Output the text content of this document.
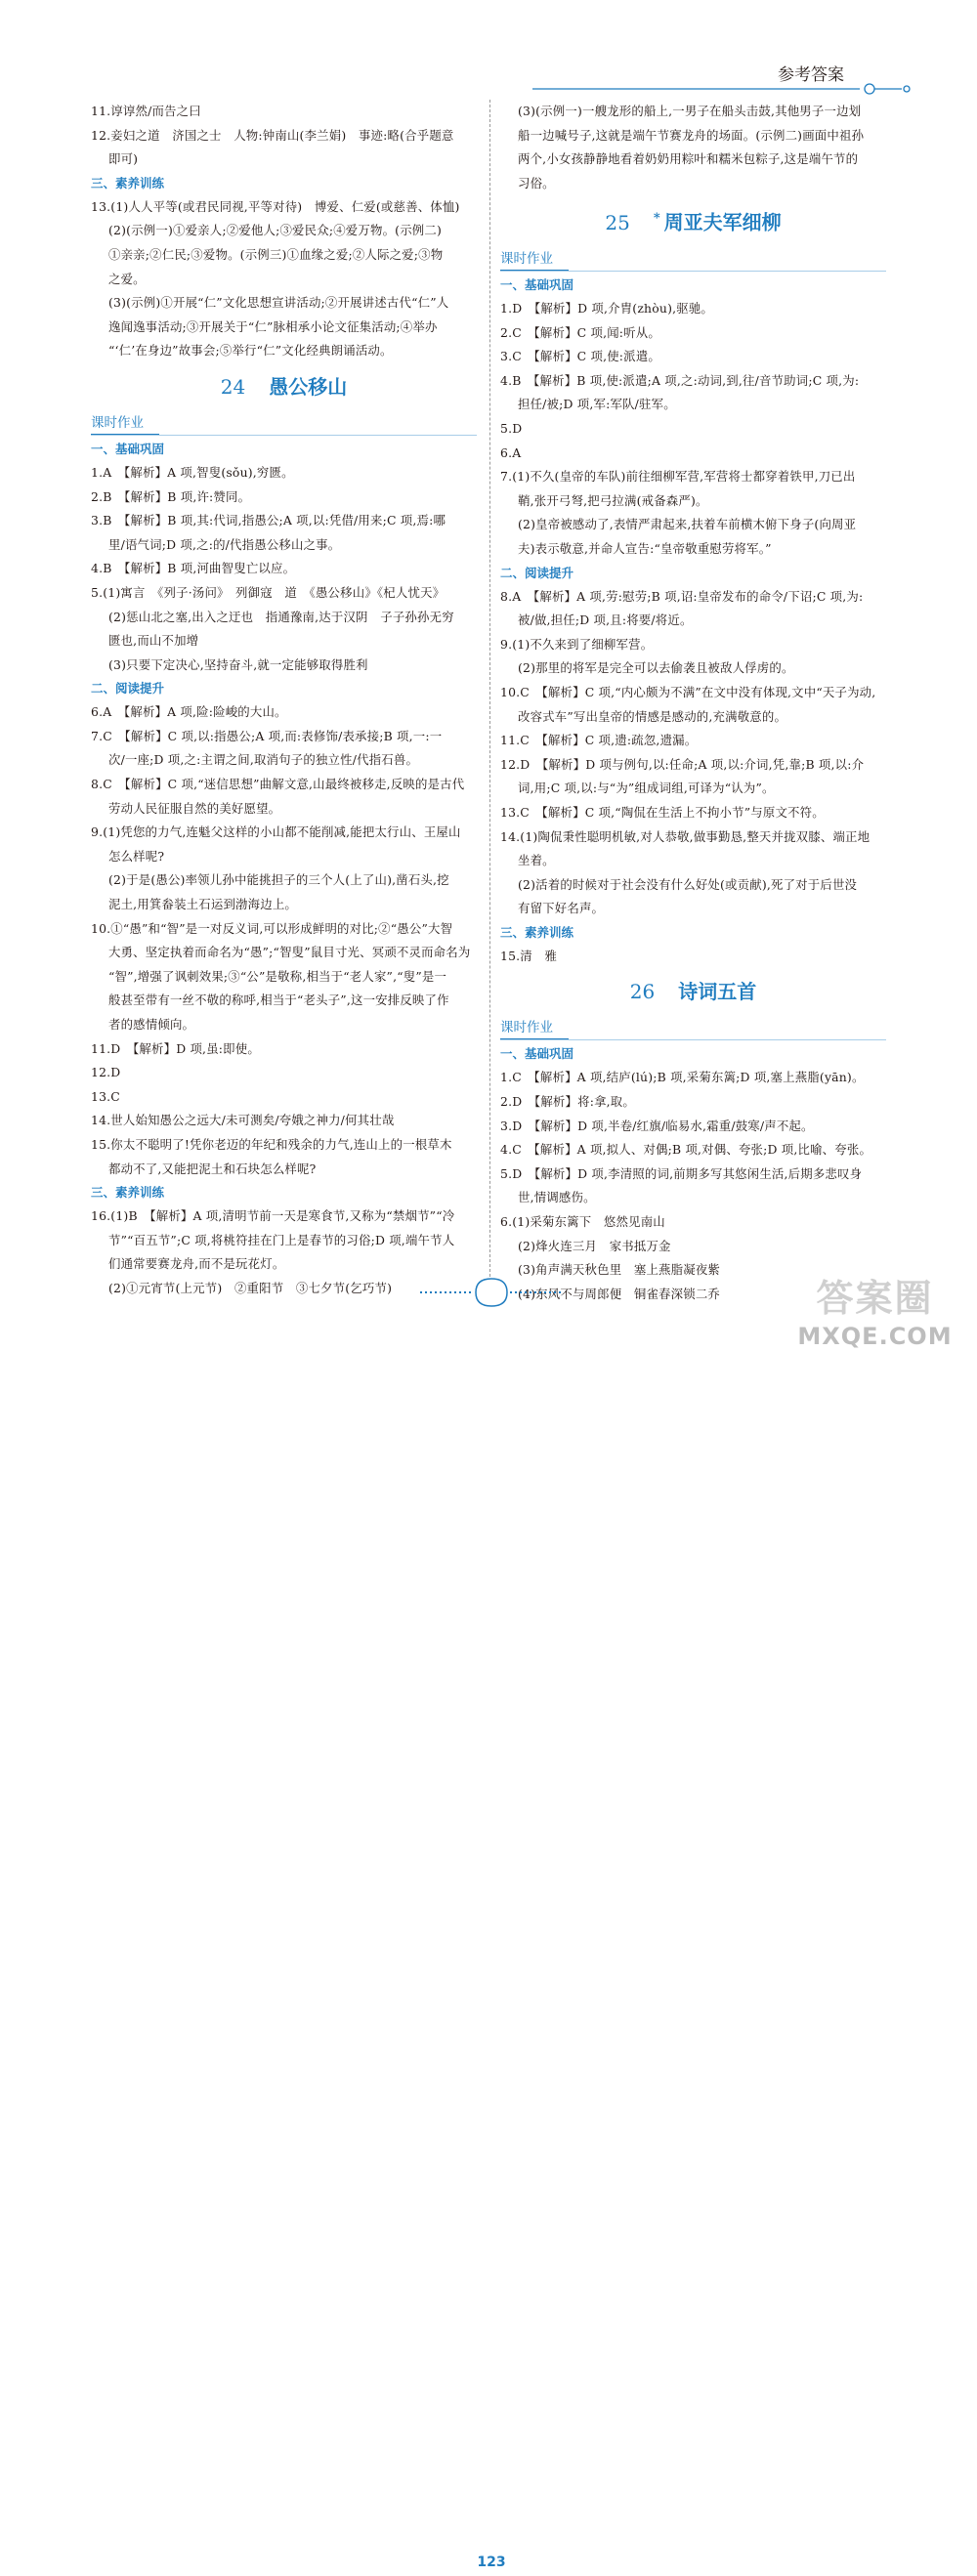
参考答案
11.谆谆然/而告之曰
12.妾妇之道　济国之士　人物:钟南山(李兰娟)　事迹:略(合乎题意
即可)
三、素养训练
13.(1)人人平等(或君民同视,平等对待)　博爱、仁爱(或慈善、体恤)
(2)(示例一)①爱亲人;②爱他人;③爱民众;④爱万物。(示例二)
①亲亲;②仁民;③爱物。(示例三)①血缘之爱;②人际之爱;③物
之爱。
(3)(示例)①开展“仁”文化思想宣讲活动;②开展讲述古代“仁”人
逸闻逸事活动;③开展关于“仁”脉相承小论文征集活动;④举办
“‘仁’在身边”故事会;⑤举行“仁”文化经典朗诵活动。
24 愚公移山
课时作业
一、基础巩固
1.A　【解析】A 项,智叟(sǒu),穷匮。
2.B　【解析】B 项,许:赞同。
3.B　【解析】B 项,其:代词,指愚公;A 项,以:凭借/用来;C 项,焉:哪
里/语气词;D 项,之:的/代指愚公移山之事。
4.B　【解析】B 项,河曲智叟亡以应。
5.(1)寓言　《列子·汤问》　列御寇　道　《愚公移山》《杞人忧天》
(2)惩山北之塞,出入之迂也　指通豫南,达于汉阴　子子孙孙无穷
匮也,而山不加增
(3)只要下定决心,坚持奋斗,就一定能够取得胜利
二、阅读提升
6.A　【解析】A 项,险:险峻的大山。
7.C　【解析】C 项,以:指愚公;A 项,而:表修饰/表承接;B 项,一:一
次/一座;D 项,之:主谓之间,取消句子的独立性/代指石兽。
8.C　【解析】C 项,“迷信思想”曲解文意,山最终被移走,反映的是古代
劳动人民征服自然的美好愿望。
9.(1)凭您的力气,连魁父这样的小山都不能削减,能把太行山、王屋山
怎么样呢?
(2)于是(愚公)率领儿孙中能挑担子的三个人(上了山),凿石头,挖
泥土,用箕畚装土石运到渤海边上。
10.①“愚”和“智”是一对反义词,可以形成鲜明的对比;②“愚公”大智
大勇、坚定执着而命名为“愚”;“智叟”鼠目寸光、冥顽不灵而命名为
“智”,增强了讽刺效果;③“公”是敬称,相当于“老人家”,“叟”是一
般甚至带有一丝不敬的称呼,相当于“老头子”,这一安排反映了作
者的感情倾向。
11.D　【解析】D 项,虽:即使。
12.D
13.C
14.世人始知愚公之远大/未可测矣/夸娥之神力/何其壮哉
15.你太不聪明了!凭你老迈的年纪和残余的力气,连山上的一根草木
都动不了,又能把泥土和石块怎么样呢?
三、素养训练
16.(1)B　【解析】A 项,清明节前一天是寒食节,又称为“禁烟节”“冷
节”“百五节”;C 项,将桃符挂在门上是春节的习俗;D 项,端午节人
们通常要赛龙舟,而不是玩花灯。
(2)①元宵节(上元节)　②重阳节　③七夕节(乞巧节)
(3)(示例一)一艘龙形的船上,一男子在船头击鼓,其他男子一边划
船一边喊号子,这就是端午节赛龙舟的场面。(示例二)画面中祖孙
两个,小女孩静静地看着奶奶用粽叶和糯米包粽子,这是端午节的
习俗。
25 * 周亚夫军细柳
课时作业
一、基础巩固
1.D　【解析】D 项,介胄(zhòu),驱驰。
2.C　【解析】C 项,闻:听从。
3.C　【解析】C 项,使:派遣。
4.B　【解析】B 项,使:派遣;A 项,之:动词,到,往/音节助词;C 项,为:
担任/被;D 项,军:军队/驻军。
5.D
6.A
7.(1)不久(皇帝的车队)前往细柳军营,军营将士都穿着铁甲,刀已出
鞘,张开弓弩,把弓拉满(戒备森严)。
(2)皇帝被感动了,表情严肃起来,扶着车前横木俯下身子(向周亚
夫)表示敬意,并命人宣告:“皇帝敬重慰劳将军。”
二、阅读提升
8.A　【解析】A 项,劳:慰劳;B 项,诏:皇帝发布的命令/下诏;C 项,为:
被/做,担任;D 项,且:将要/将近。
9.(1)不久来到了细柳军营。
(2)那里的将军是完全可以去偷袭且被敌人俘虏的。
10.C　【解析】C 项,“内心颇为不满”在文中没有体现,文中“天子为动,
改容式车”写出皇帝的情感是感动的,充满敬意的。
11.C　【解析】C 项,遗:疏忽,遗漏。
12.D　【解析】D 项与例句,以:任命;A 项,以:介词,凭,靠;B 项,以:介
词,用;C 项,以:与“为”组成词组,可译为“认为”。
13.C　【解析】C 项,“陶侃在生活上不拘小节”与原文不符。
14.(1)陶侃秉性聪明机敏,对人恭敬,做事勤恳,整天并拢双膝、端正地
坐着。
(2)活着的时候对于社会没有什么好处(或贡献),死了对于后世没
有留下好名声。
三、素养训练
15.清　雅
26 诗词五首
课时作业
一、基础巩固
1.C　【解析】A 项,结庐(lú);B 项,采菊东篱;D 项,塞上燕脂(yān)。
2.D　【解析】将:拿,取。
3.D　【解析】D 项,半卷/红旗/临易水,霜重/鼓寒/声不起。
4.C　【解析】A 项,拟人、对偶;B 项,对偶、夸张;D 项,比喻、夸张。
5.D　【解析】D 项,李清照的词,前期多写其悠闲生活,后期多悲叹身
世,情调感伤。
6.(1)采菊东篱下　悠然见南山
(2)烽火连三月　家书抵万金
(3)角声满天秋色里　塞上燕脂凝夜紫
(4)东风不与周郎便　铜雀春深锁二乔
123
答案圈
MXQE.COM
